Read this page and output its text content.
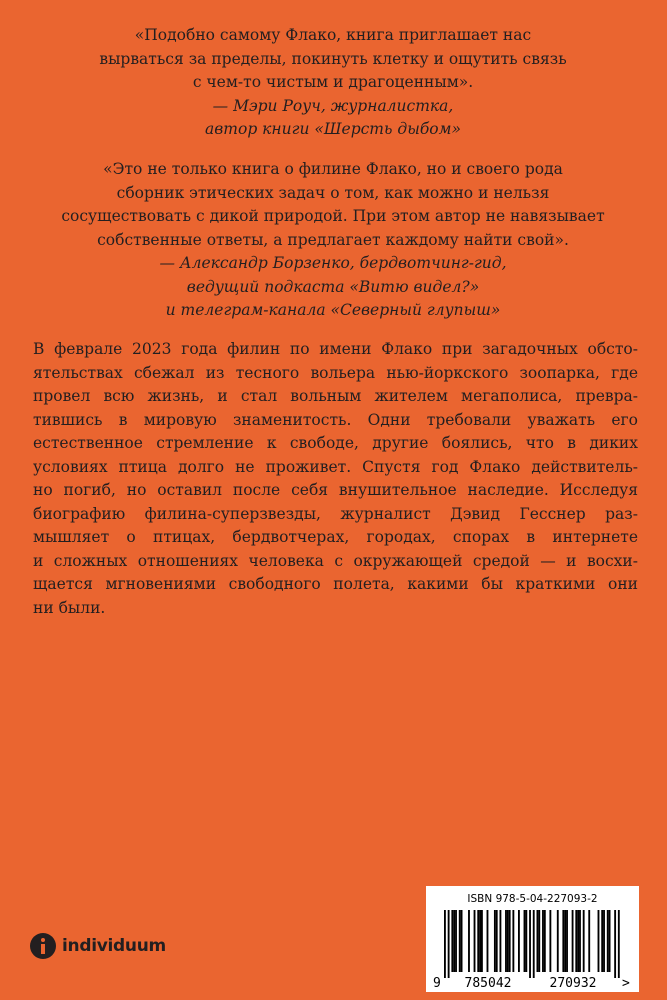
«Подобно самому Флако, книга приглашает нас

вырваться за пределы, покинуть клетку и ощутить связь

с чем-то чистым и драгоценным».

— Мэри Роуч, журналистка,

автор книги «Шерсть дыбом»

«Это не только книга о филине Флако, но и своего рода

сборник этических задач о том, как можно и нельзя

сосуществовать с дикой природой. При этом автор не навязывает

собственные ответы, а предлагает каждому найти свой».

— Александр Борзенко, бердвотчинг-гид,

ведущий подкаста «Витю видел?»

и телеграм-канала «Северный глупыш»

В феврале 2023 года филин по имени Флако при загадочных обсто-
ятельствах сбежал из тесного вольера нью-йоркского зоопарка, где
провел всю жизнь, и стал вольным жителем мегаполиса, превра-
тившись в мировую знаменитость. Одни требовали уважать его
естественное стремление к свободе, другие боялись, что в диких
условиях птица долго не проживет. Спустя год Флако действитель-
но погиб, но оставил после себя внушительное наследие. Исследуя
биографию филина-суперзвезды, журналист Дэвид Гесснер раз-
мышляет о птицах, бердвотчерах, городах, спорах в интернете
и сложных отношениях человека с окружающей средой — и восхи-
щается мгновениями свободного полета, какими бы краткими они
ни были.
individuum
ISBN 978-5-04-227093-2
9 785042	270932 >
